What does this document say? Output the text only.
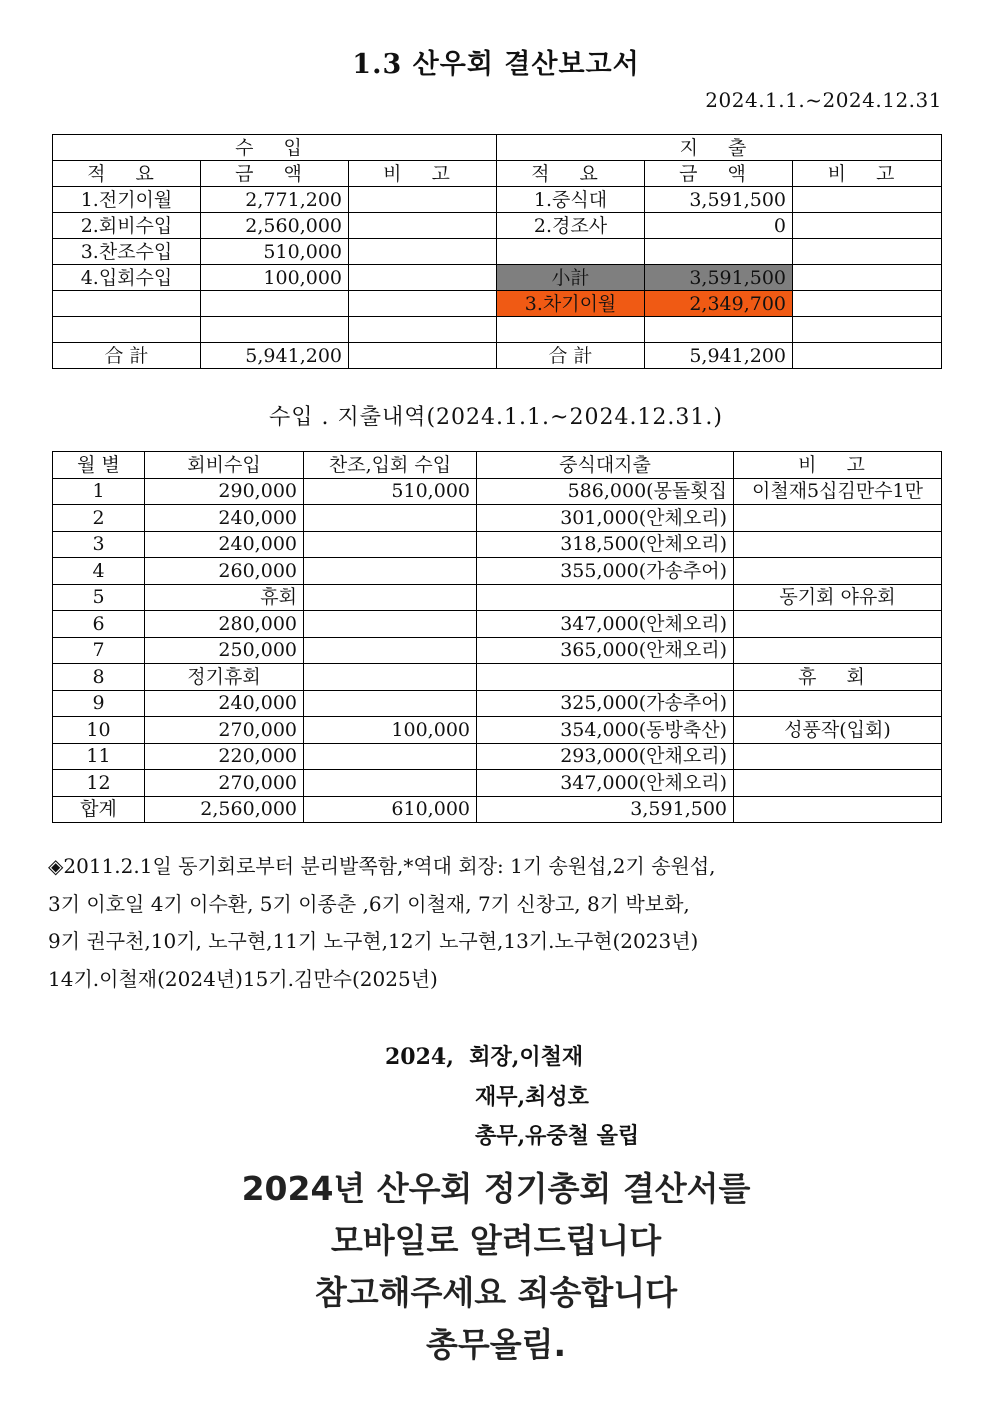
1.3 산우회 결산보고서
2024.1.1.~2024.12.31
수 입			지 출		
적 요	금 액	비 고	적 요	금 액	비 고
1.전기이월	2,771,200		1.중식대	3,591,500	
2.회비수입	2,560,000		2.경조사	0	
3.찬조수입	510,000				
4.입회수입	100,000		小計	3,591,500	
			3.차기이월	2,349,700	

合 計	5,941,200		合 計	5,941,200	
수입 . 지출내역(2024.1.1.~2024.12.31.)
월 별	회비수입	찬조,입회 수입	중식대지출	비 고
1	290,000	510,000	586,000(몽돌횟집	이철재5십김만수1만
2	240,000		301,000(안체오리)	
3	240,000		318,500(안체오리)	
4	260,000		355,000(가송추어)	
5	휴회			동기회 야유회
6	280,000		347,000(안체오리)	
7	250,000		365,000(안채오리)	
8	정기휴회			휴 회
9	240,000		325,000(가송추어)	
10	270,000	100,000	354,000(동방축산)	성풍작(입회)
11	220,000		293,000(안채오리)	
12	270,000		347,000(안체오리)	
합계	2,560,000	610,000	3,591,500	

◈2011.2.1일 동기회로부터 분리발쪽함,*역대 회장: 1기 송원섭,2기 송원섭,

3기 이호일 4기 이수환, 5기 이종춘 ,6기 이철재, 7기 신창고, 8기 박보화,

9기 권구천,10기, 노구현,11기 노구현,12기 노구현,13기.노구현(2023년)

14기.이철재(2024년)15기.김만수(2025년)

2024,  회장,이철재

재무,최성호

총무,유중철 올립

2024년 산우회 정기총회 결산서를

모바일로 알려드립니다

참고해주세요 죄송합니다

총무올림.
